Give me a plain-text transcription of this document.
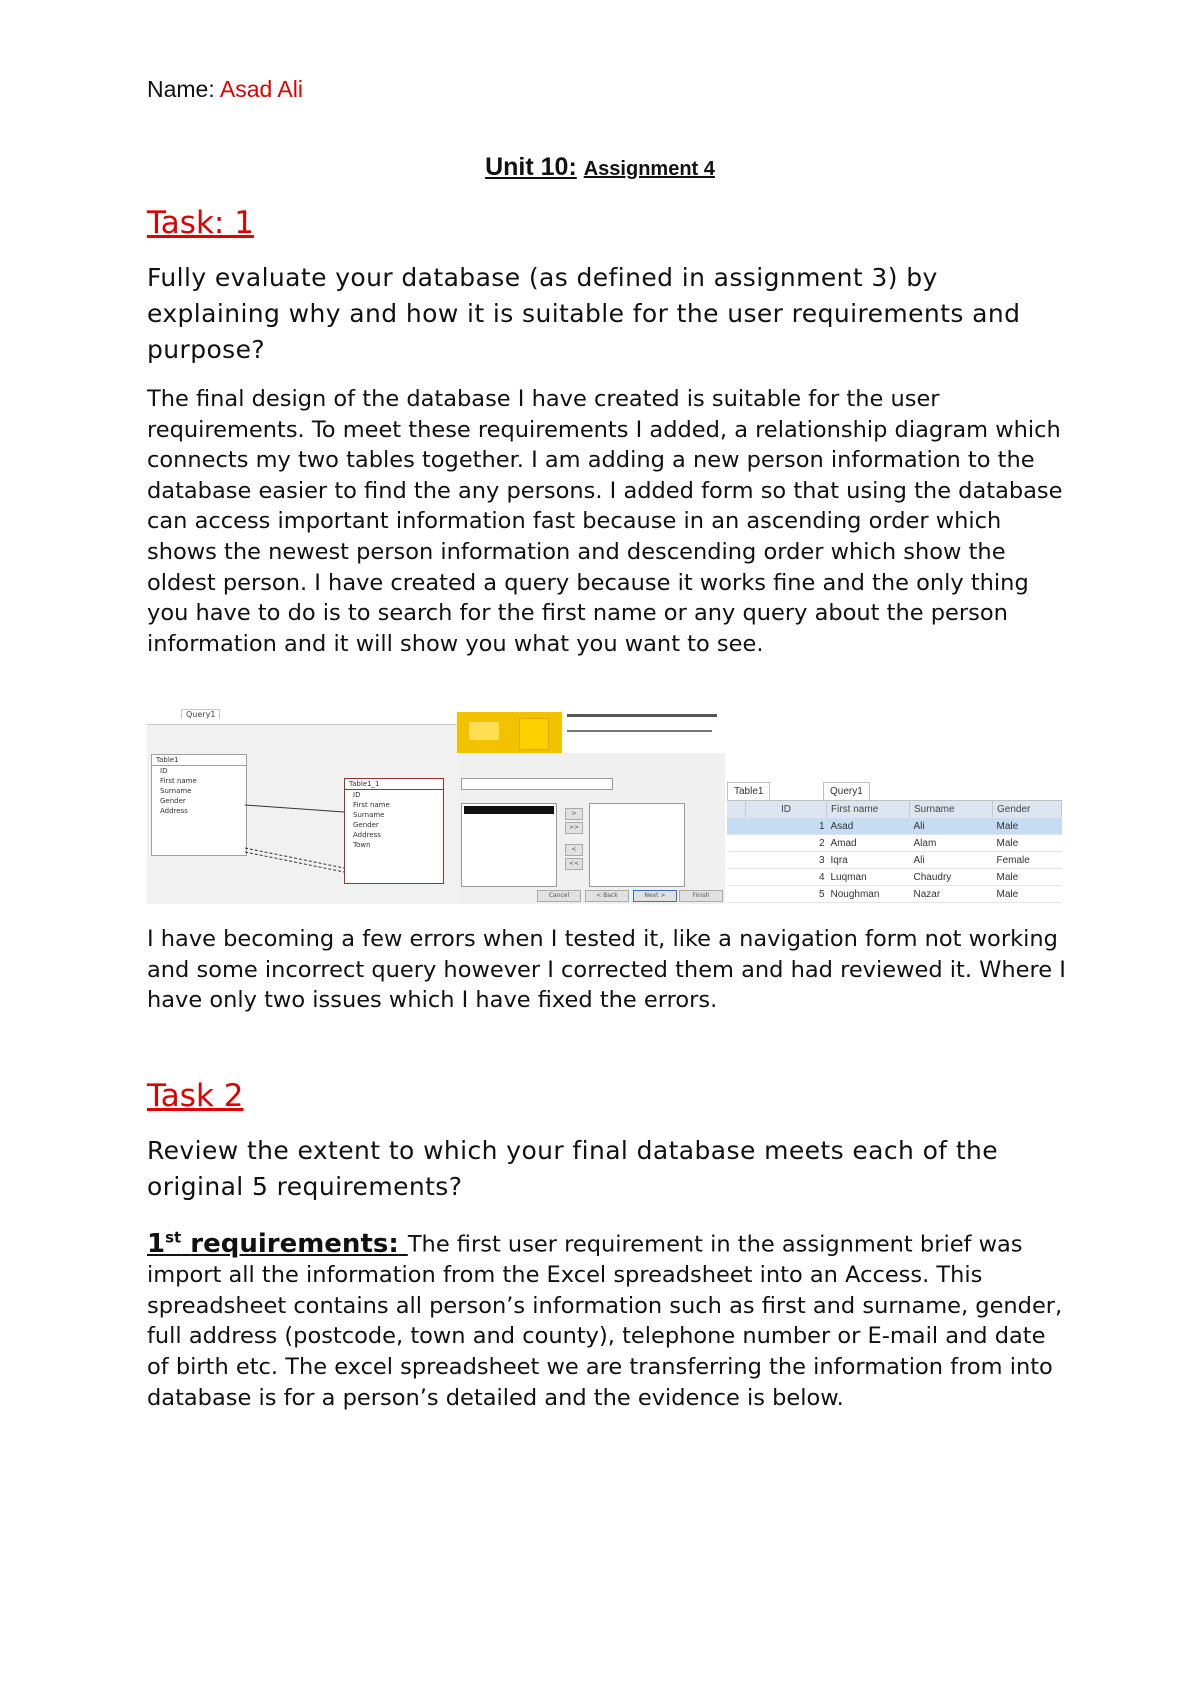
Name: Asad Ali
Unit 10: Assignment 4
Task: 1
Fully evaluate your database (as defined in assignment 3) by explaining why and how it is suitable for the user requirements and purpose?
The final design of the database I have created is suitable for the user requirements. To meet these requirements I added, a relationship diagram which connects my two tables together. I am adding a new person information to the database easier to find the any persons. I added form so that using the database can access important information fast because in an ascending order which shows the newest person information and descending order which show the oldest person. I have created a query because it works fine and the only thing you have to do is to search for the first name or any query about the person information and it will show you what you want to see.
Query1
Table1
ID
First name
Surname
Gender
Address
Table1_1
ID
First name
Surname
Gender
Address
Town
>
>>
<
<<
Cancel	< Back	Next >	Finish
Table1	Query1
	ID	First name	Surname	Gender
	1	Asad	Ali	Male
	2	Amad	Alam	Male
	3	Iqra	Ali	Female
	4	Luqman	Chaudry	Male
	5	Noughman	Nazar	Male
I have becoming a few errors when I tested it, like a navigation form not working and some incorrect query however I corrected them and had reviewed it. Where I have only two issues which I have fixed the errors.
Task 2
Review the extent to which your final database meets each of the original 5 requirements?
1st requirements: The first user requirement in the assignment brief was import all the information from the Excel spreadsheet into an Access. This spreadsheet contains all person’s information such as first and surname, gender, full address (postcode, town and county), telephone number or E-mail and date of birth etc. The excel spreadsheet we are transferring the information from into database is for a person’s detailed and the evidence is below.
